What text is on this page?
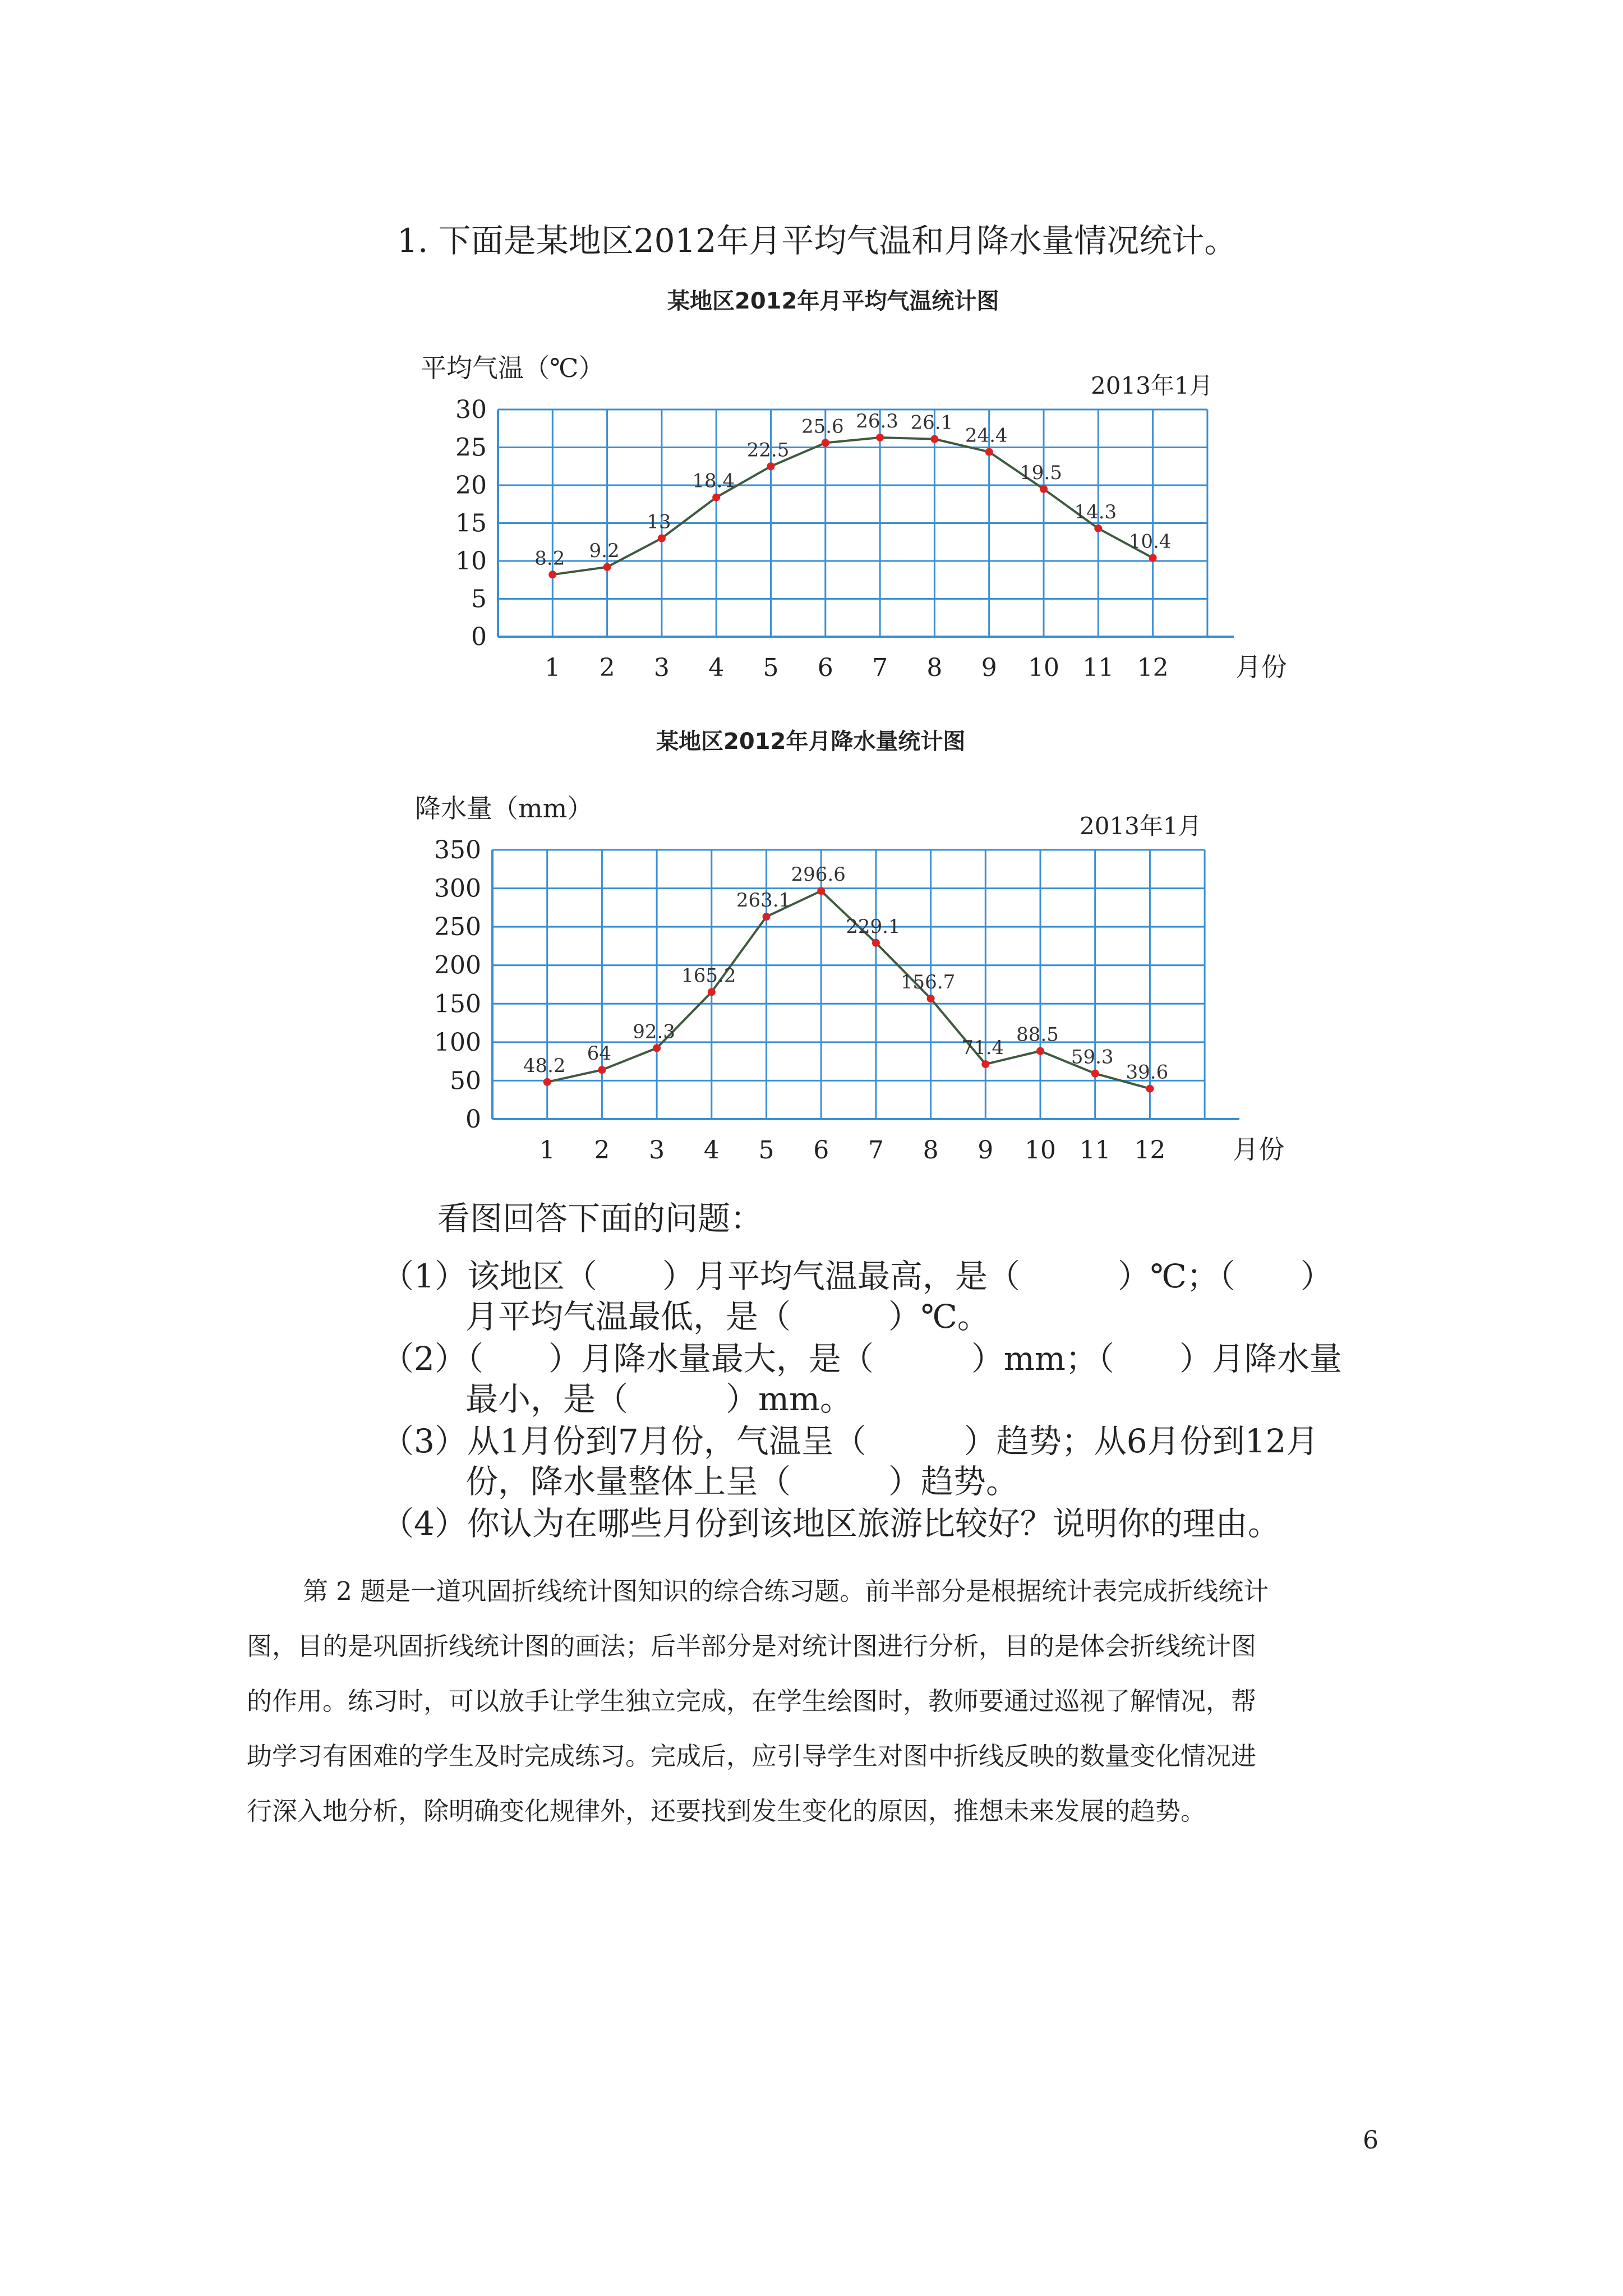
1. 下面是某地区2012年月平均气温和月降水量情况统计。
某地区2012年月平均气温统计图
0
5
10
15
20
25
30
1 2 3 4 5 6 7 8 9 10 11 12	月份
平均气温（℃）
2013年1月
8.2 9.2
13
18.4
22.5
25.6 26.3 26.1
24.4
19.5
14.3
10.4
某地区2012年月降水量统计图
0
50
100
150
200
250
300
350
1 2 3 4 5 6 7 8 9 10 11 12	月份
降水量（mm）
2013年1月
48.2
64
92.3
165.2
263.1
296.6
229.1
156.7
71.4
88.5
59.3
39.6
看图回答下面的问题：
（1）该地区（　　）月平均气温最高，是（　　　）℃；（　　）
月平均气温最低，是（　　　）℃。
（2）（　　）月降水量最大，是（　　　）mm；（　　）月降水量
最小，是（　　　）mm。
（3）从1月份到7月份，气温呈（　　　）趋势；从6月份到12月
份，降水量整体上呈（　　　）趋势。
（4）你认为在哪些月份到该地区旅游比较好？说明你的理由。
第 2 题是一道巩固折线统计图知识的综合练习题。前半部分是根据统计表完成折线统计
图，目的是巩固折线统计图的画法；后半部分是对统计图进行分析，目的是体会折线统计图
的作用。练习时，可以放手让学生独立完成，在学生绘图时，教师要通过巡视了解情况，帮
助学习有困难的学生及时完成练习。完成后，应引导学生对图中折线反映的数量变化情况进
行深入地分析，除明确变化规律外，还要找到发生变化的原因，推想未来发展的趋势。
6
